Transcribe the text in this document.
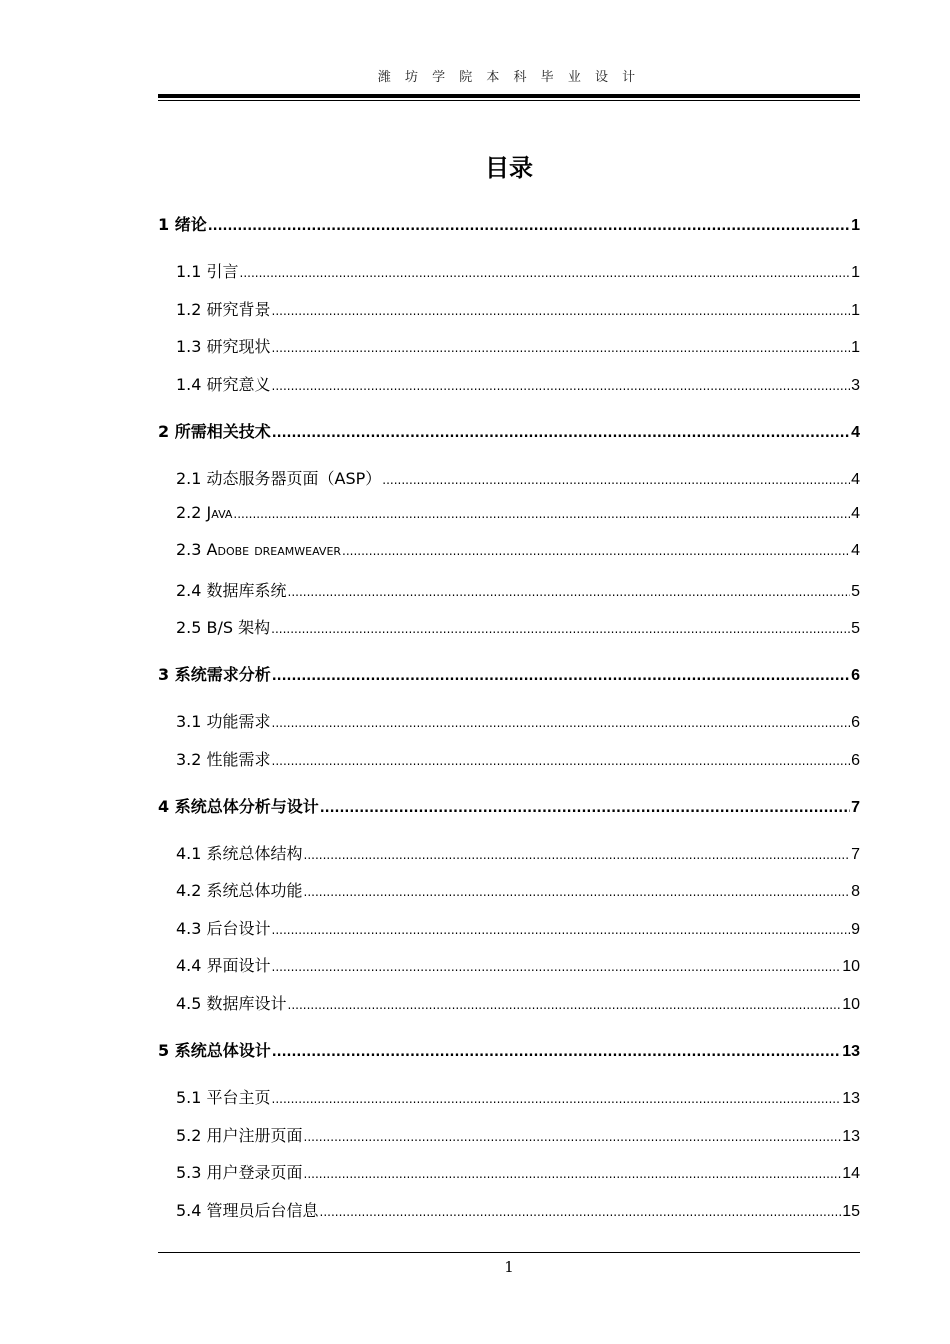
潍 坊 学 院 本 科 毕 业 设 计
目录
1 绪论 .....	1
1.1 引言 .....	1
1.2 研究背景 .....	1
1.3 研究现状 .....	1
1.4 研究意义 .....	3
2 所需相关技术 .....	4
2.1 动态服务器页面（ASP） .....	4
2.2 Java .....	4
2.3 Adobe dreamweaver .....	4
2.4 数据库系统 .....	5
2.5 B/S 架构 .....	5
3 系统需求分析 .....	6
3.1 功能需求 .....	6
3.2 性能需求 .....	6
4 系统总体分析与设计 .....	7
4.1 系统总体结构 .....	7
4.2 系统总体功能 .....	8
4.3 后台设计 .....	9
4.4 界面设计 .....	10
4.5 数据库设计 .....	10
5 系统总体设计 .....	13
5.1 平台主页 .....	13
5.2 用户注册页面 .....	13
5.3 用户登录页面 .....	14
5.4 管理员后台信息 .....	15
1
